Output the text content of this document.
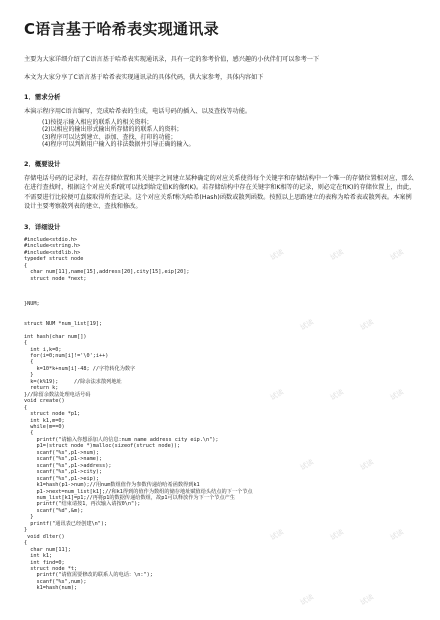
C语言基于哈希表实现通讯录
主要为大家详细介绍了C语言基于哈希表实现通讯录，具有一定的参考价值，感兴趣的小伙伴们可以参考一下
本文为大家分享了C语言基于哈希表实现通讯录的具体代码，供大家参考，具体内容如下
1．需求分析
本演示程序用C语言编写，完成哈希表的生成，电话号码的插入、以及查找等功能。
(1)按提示输入相应的联系人的相关资料；
(2)以相应的输出形式输出所存储的的联系人的资料；
(3)程序可以达到建立、添加、查找、打印的功能；
(4)程序可以判断用户输入的非法数据并引导正确的输入。
2．概要设计
存储电话号码的记录时，若在存储位置和其关键字之间建立某种确定的对应关系使得每个关键字和存储结构中一个唯一的存储位置相对应，那么在进行查找时，根据这个对应关系f就可以找到给定值K的像f(K)。若存储结构中存在关键字和K相等的记录，则必定在f(K)的存储位置上，由此，不需要进行比较便可直接取得所查记录。这个对应关系f称为哈希(Hash)函数或散列函数。按照以上思路建立的表称为哈希表或散列表。本案例设计主要考察散列表的建立、查找和修改。
3．详细设计
#include<stdio.h>
#include<string.h>
#include<stdlib.h>
typedef struct node
{
char num[11],name[15],address[20],city[15],eip[20];
struct node *next;

}NUM;

struct NUM *num_list[19];

int hash(char num[])
{
int i,k=0;
for(i=0;num[i]!='\0';i++)
{
k=10*k+num[i]-48; //字符转化为数字
}
k=(k%19);     //除余法求散列地址
return k;
}//除留余数法处理电话号码
void create()
{
struct node *p1;
int k1,m=0;
while(m==0)
{
printf("请输入你想添加人的信息:num name address city eip.\n");
p1=(struct node *)malloc(sizeof(struct node));
scanf("%s",p1->num);
scanf("%s",p1->name);
scanf("%s",p1->address);
scanf("%s",p1->city);
scanf("%s",p1->eip);
k1=hash(p1->num);//用num数组值作为参数传递给哈希函数得到k1
p1->next=num_list[k1];//和k1得到的值作为数组的储存地址赋值给头结点的下一个节点
num_list[k1]=p1;//再将p1的数据传递给数组，故p1可以释放作为下一个节点产生
printf("结束请按1，再次输入请按0\n");
scanf("%d",&m);
}
printf("通讯表已经创建\n");
}
void dlter()
{
char num[11];
int k1;
int find=0;
struct node *t;
printf("请值需要修改的联系人的电话：\n:");
scanf("%s",num);
k1=hash(num);
试读	试读	试读
试读	试读
试读	试读	试读
试读	试读
试读	试读	试读
试读	试读
